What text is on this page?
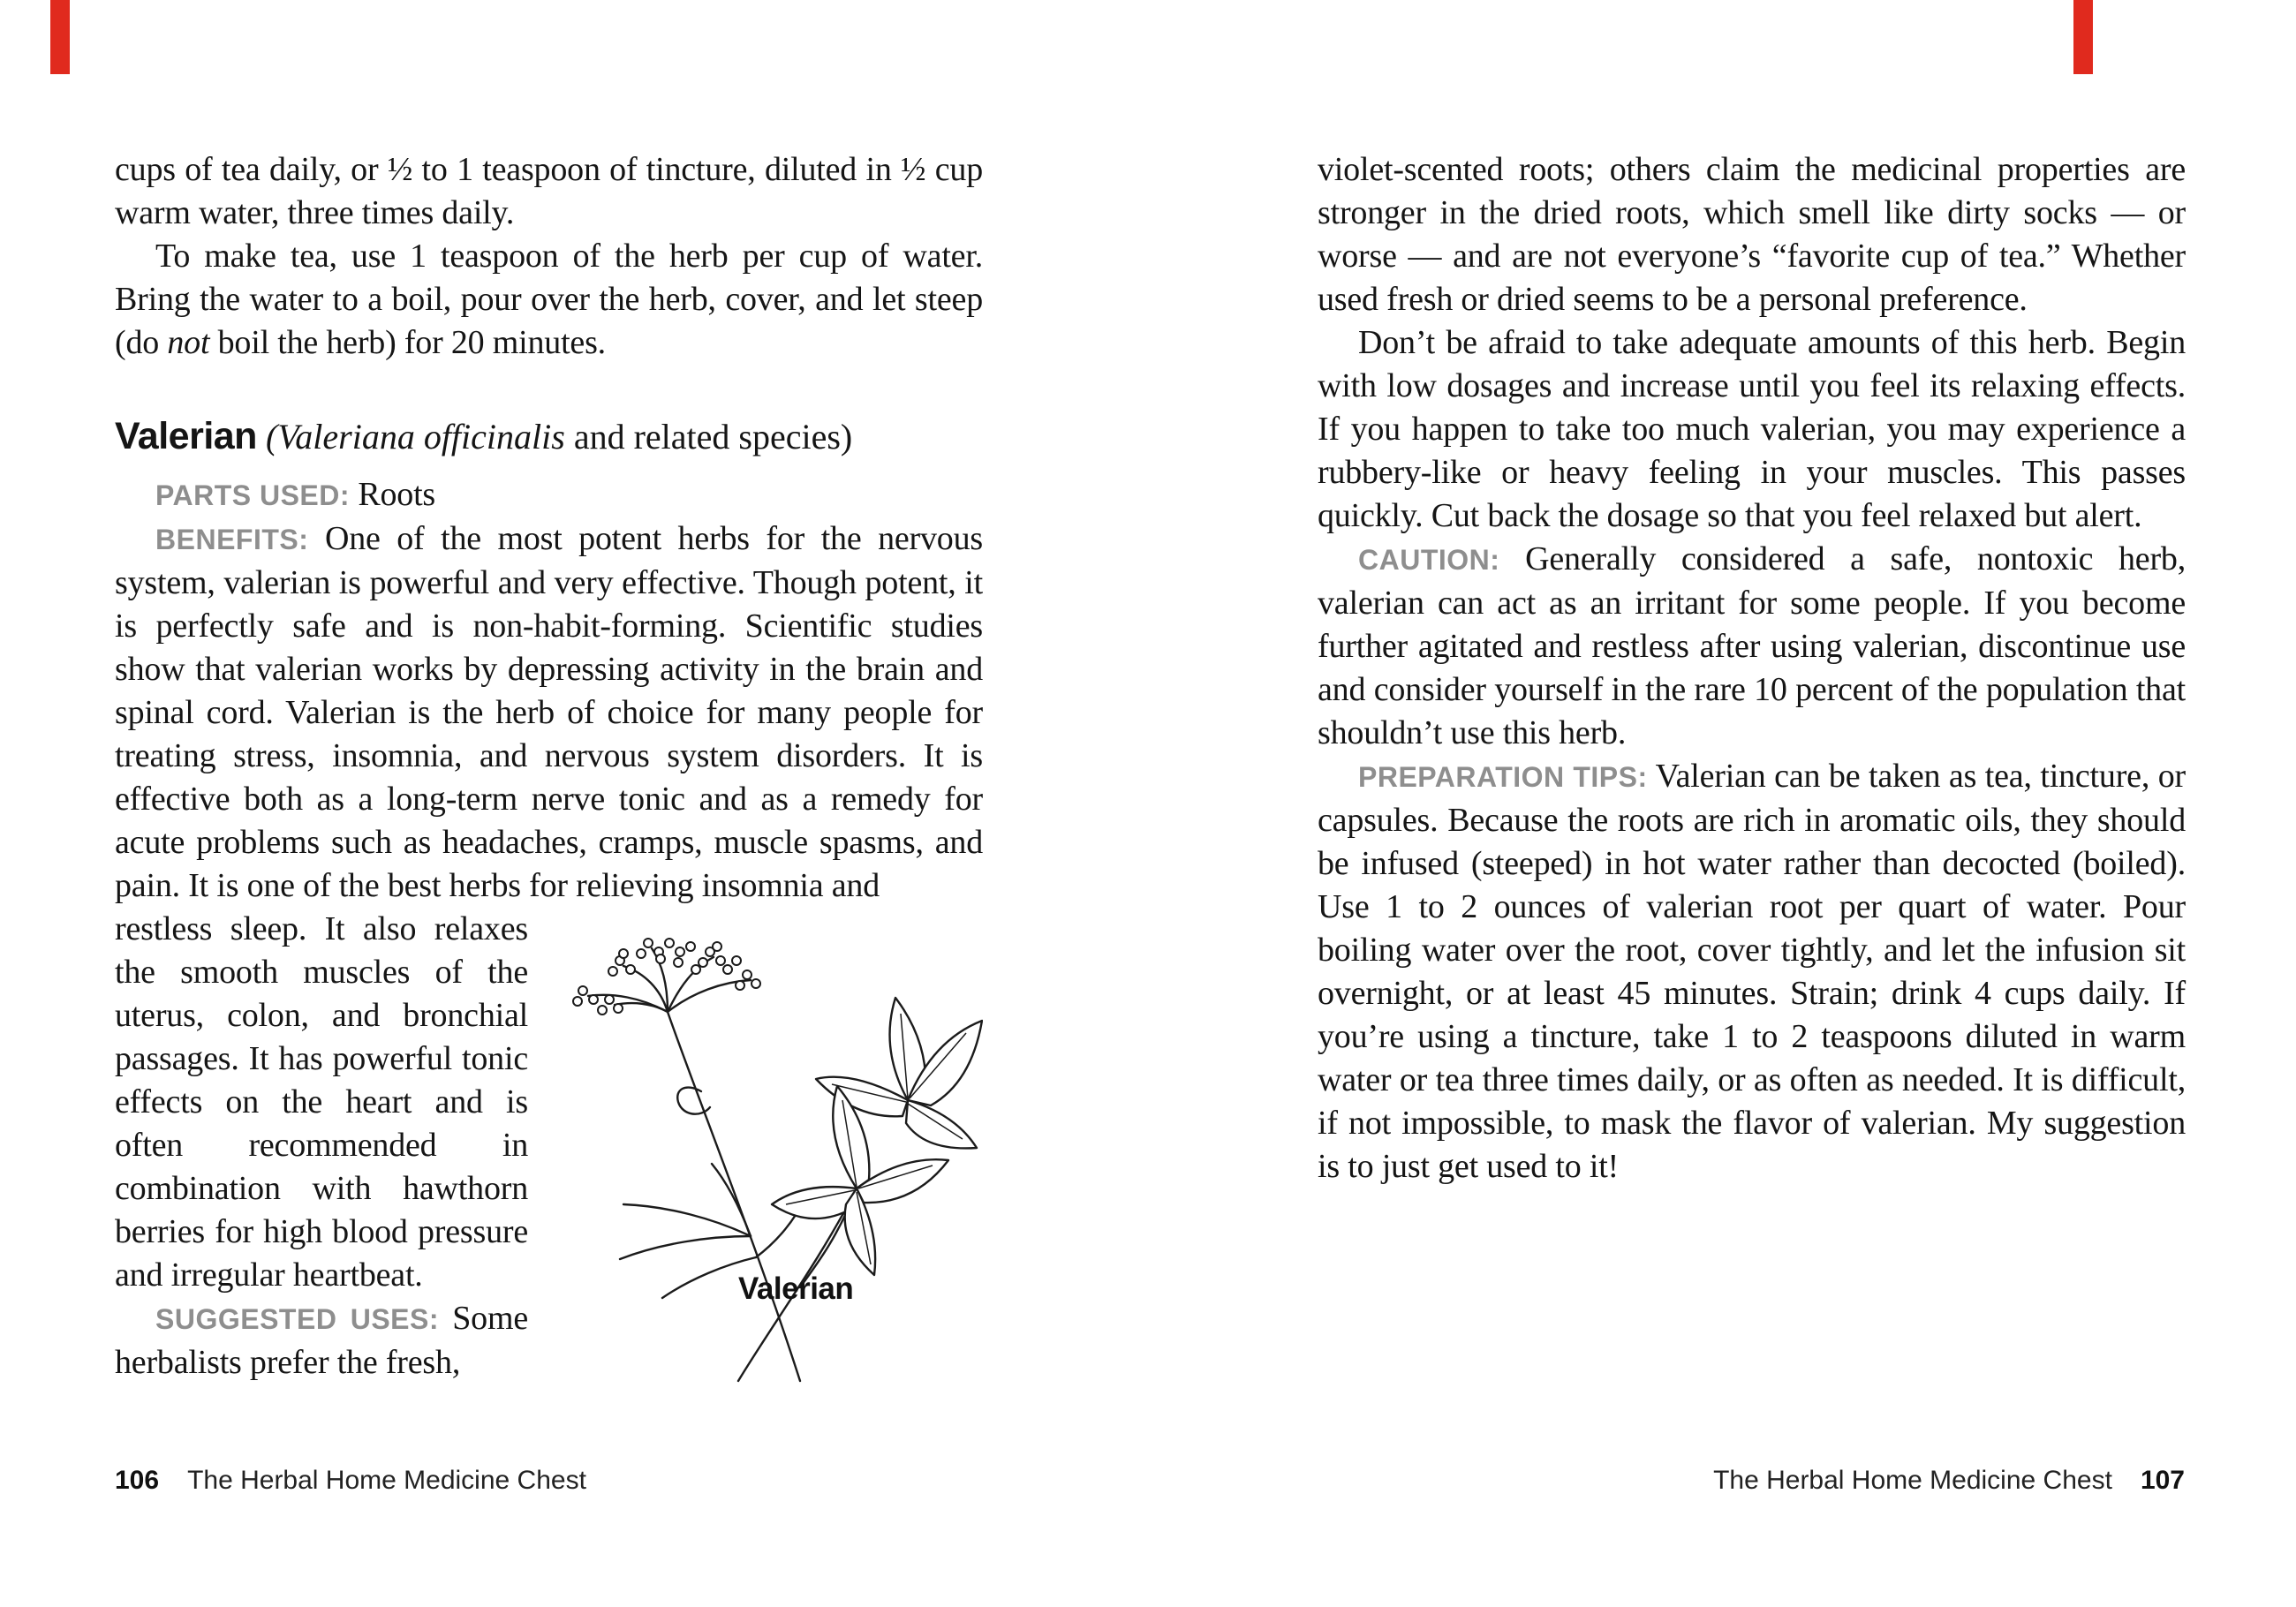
cups of tea daily, or ½ to 1 teaspoon of tincture, diluted in ½ cup warm water, three times daily.

To make tea, use 1 teaspoon of the herb per cup of water. Bring the water to a boil, pour over the herb, cover, and let steep (do not boil the herb) for 20 minutes.

Valerian (Valeriana officinalis and related species)

PARTS USED: Roots

BENEFITS: One of the most potent herbs for the nervous system, valerian is powerful and very effective. Though potent, it is perfectly safe and is non-habit-forming. Scientific studies show that valerian works by depressing activity in the brain and spinal cord. Valerian is the herb of choice for many people for treating stress, insomnia, and nervous system disorders. It is effective both as a long-term nerve tonic and as a remedy for acute problems such as headaches, cramps, muscle spasms, and pain. It is one of the best herbs for relieving insomnia and

Valerian

restless sleep. It also relaxes the smooth muscles of the uterus, colon, and bronchial passages. It has powerful tonic effects on the heart and is often recommended in combination with hawthorn berries for high blood pressure and irregular heartbeat.

SUGGESTED USES: Some herbalists prefer the fresh,

violet-scented roots; others claim the medicinal properties are stronger in the dried roots, which smell like dirty socks — or worse — and are not everyone’s “favorite cup of tea.” Whether used fresh or dried seems to be a personal preference.

Don’t be afraid to take adequate amounts of this herb. Begin with low dosages and increase until you feel its relaxing effects. If you happen to take too much valerian, you may experience a rubbery-like or heavy feeling in your muscles. This passes quickly. Cut back the dosage so that you feel relaxed but alert.

CAUTION: Generally considered a safe, nontoxic herb, valerian can act as an irritant for some people. If you become further agitated and restless after using valerian, discontinue use and consider yourself in the rare 10 percent of the population that shouldn’t use this herb.

PREPARATION TIPS: Valerian can be taken as tea, tincture, or capsules. Because the roots are rich in aromatic oils, they should be infused (steeped) in hot water rather than decocted (boiled). Use 1 to 2 ounces of valerian root per quart of water. Pour boiling water over the root, cover tightly, and let the infusion sit overnight, or at least 45 minutes. Strain; drink 4 cups daily. If you’re using a tincture, take 1 to 2 teaspoons diluted in warm water or tea three times daily, or as often as needed. It is difficult, if not impossible, to mask the flavor of valerian. My suggestion is to just get used to it!

106 The Herbal Home Medicine Chest	The Herbal Home Medicine Chest 107
